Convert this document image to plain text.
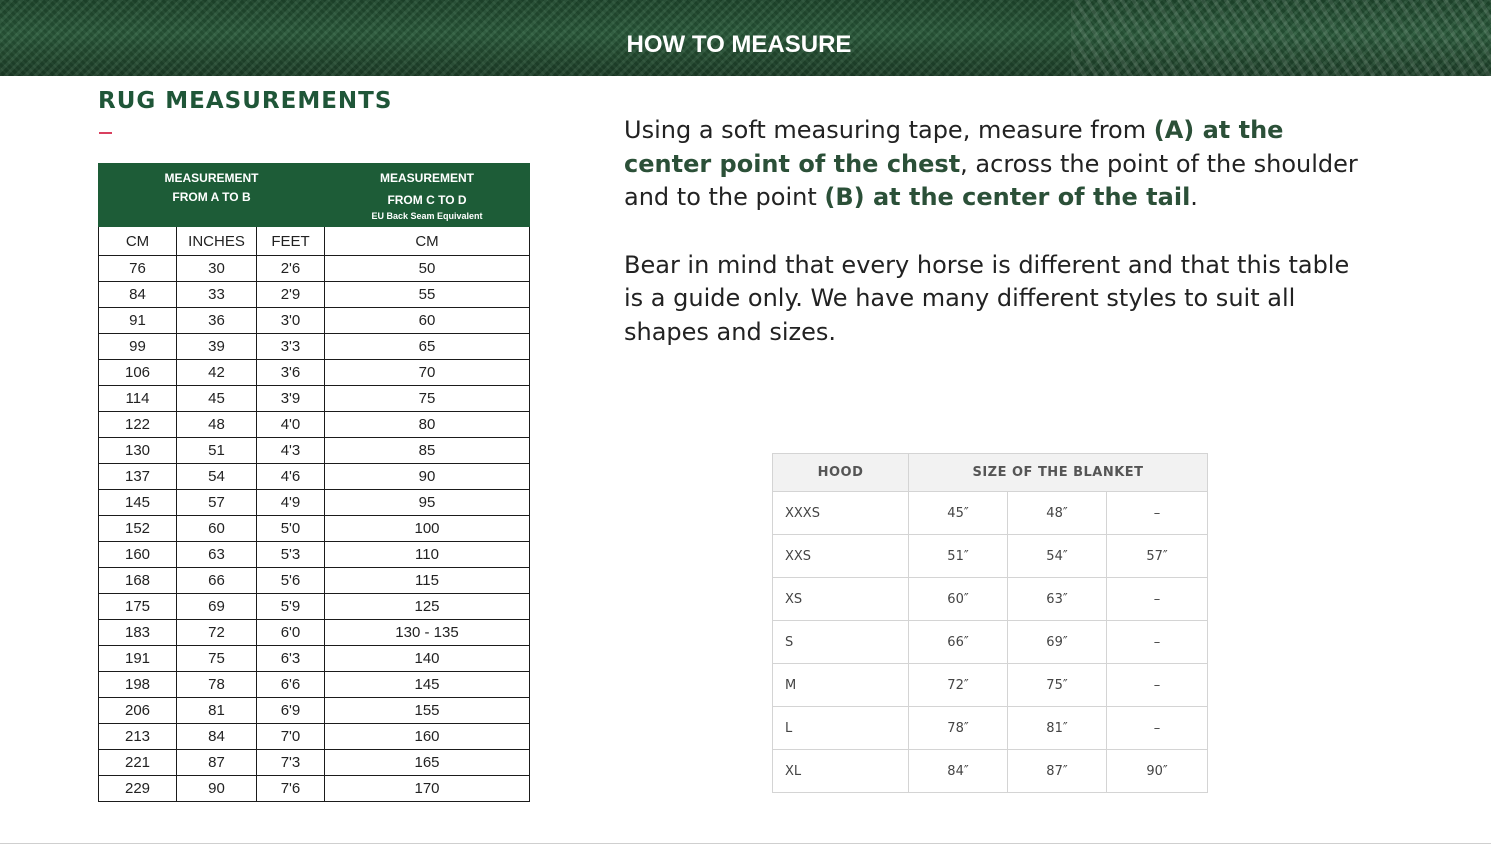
HOW TO MEASURE
RUG MEASUREMENTS
MEASUREMENT
FROM A TO B			MEASUREMENT
FROM C TO D
EU Back Seam Equivalent

CM	INCHES	FEET	CM
76	30	2'6	50
84	33	2'9	55
91	36	3'0	60
99	39	3'3	65
106	42	3'6	70
114	45	3'9	75
122	48	4'0	80
130	51	4'3	85
137	54	4'6	90
145	57	4'9	95
152	60	5'0	100
160	63	5'3	110
168	66	5'6	115
175	69	5'9	125
183	72	6'0	130 - 135
191	75	6'3	140
198	78	6'6	145
206	81	6'9	155
213	84	7'0	160
221	87	7'3	165
229	90	7'6	170

Using a soft measuring tape, measure from (A) at the center point of the chest, across the point of the shoulder and to the point (B) at the center of the tail.

Bear in mind that every horse is different and that this table is a guide only. We have many different styles to suit all shapes and sizes.

HOOD	SIZE OF THE BLANKET		
XXXS	45″	48″	–
XXS	51″	54″	57″
XS	60″	63″	–
S	66″	69″	–
M	72″	75″	–
L	78″	81″	–
XL	84″	87″	90″
